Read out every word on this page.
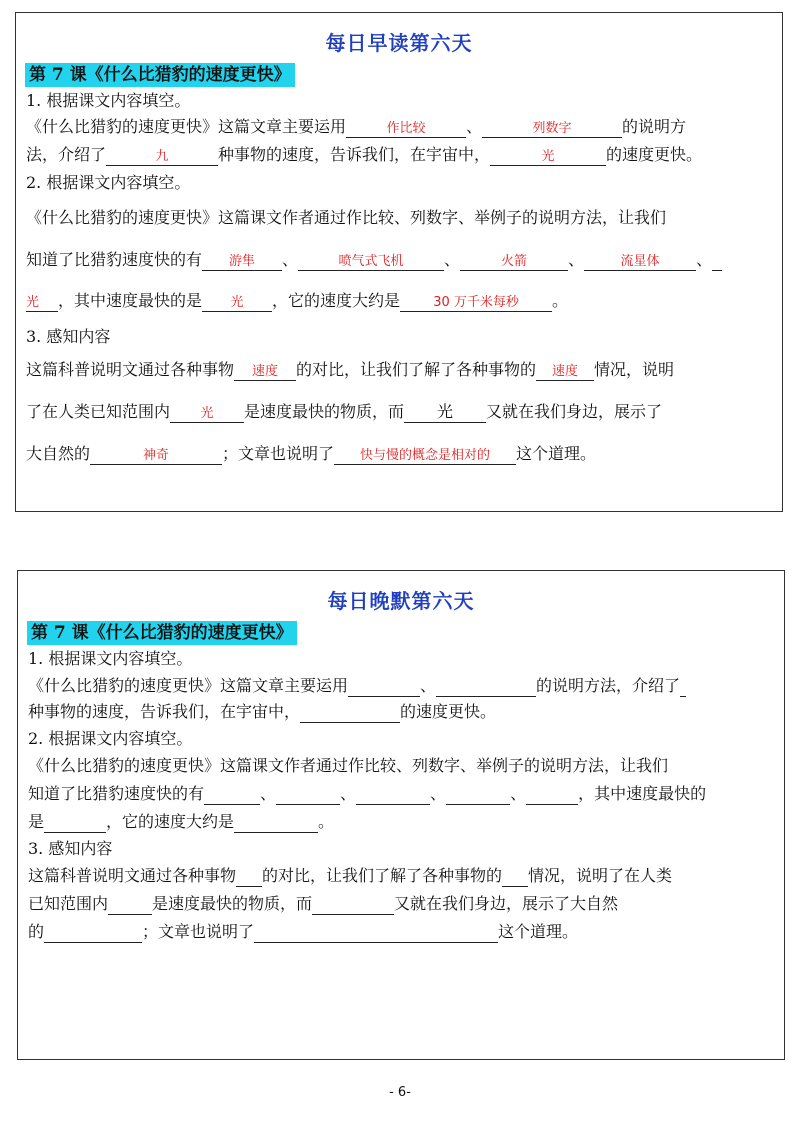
每日早读第六天
第 7 课《什么比猎豹的速度更快》
1. 根据课文内容填空。
《什么比猎豹的速度更快》这篇文章主要运用	作比较	、	列数字	的说明方
法，介绍了	九	种事物的速度，告诉我们，在宇宙中，	光	的速度更快。
2. 根据课文内容填空。
《什么比猎豹的速度更快》这篇课文作者通过作比较、列数字、举例子的说明方法，让我们
知道了比猎豹速度快的有 游隼 、	喷气式飞机	、	火箭	、	流星体 、
光 ，其中速度最快的是 光 ，它的速度大约是	30 万千米每秒 。
3. 感知内容
这篇科普说明文通过各种事物 速度 的对比，让我们了解了各种事物的 速度 情况，说明
了在人类已知范围内 光 是速度最快的物质，而 光 又就在我们身边，展示了
大自然的	神奇	；文章也说明了 快与慢的概念是相对的 这个道理。
每日晚默第六天
第 7 课《什么比猎豹的速度更快》
1. 根据课文内容填空。
《什么比猎豹的速度更快》这篇文章主要运用	、	的说明方法，介绍了
种事物的速度，告诉我们，在宇宙中，	的速度更快。
2. 根据课文内容填空。
《什么比猎豹的速度更快》这篇课文作者通过作比较、列数字、举例子的说明方法，让我们
知道了比猎豹速度快的有	、	、	、	、	，其中速度最快的
是	，它的速度大约是	。
3. 感知内容
这篇科普说明文通过各种事物 的对比，让我们了解了各种事物的 情况，说明了在人类
已知范围内	是速度最快的物质，而	又就在我们身边，展示了大自然
的	；文章也说明了	这个道理。
- 6-
